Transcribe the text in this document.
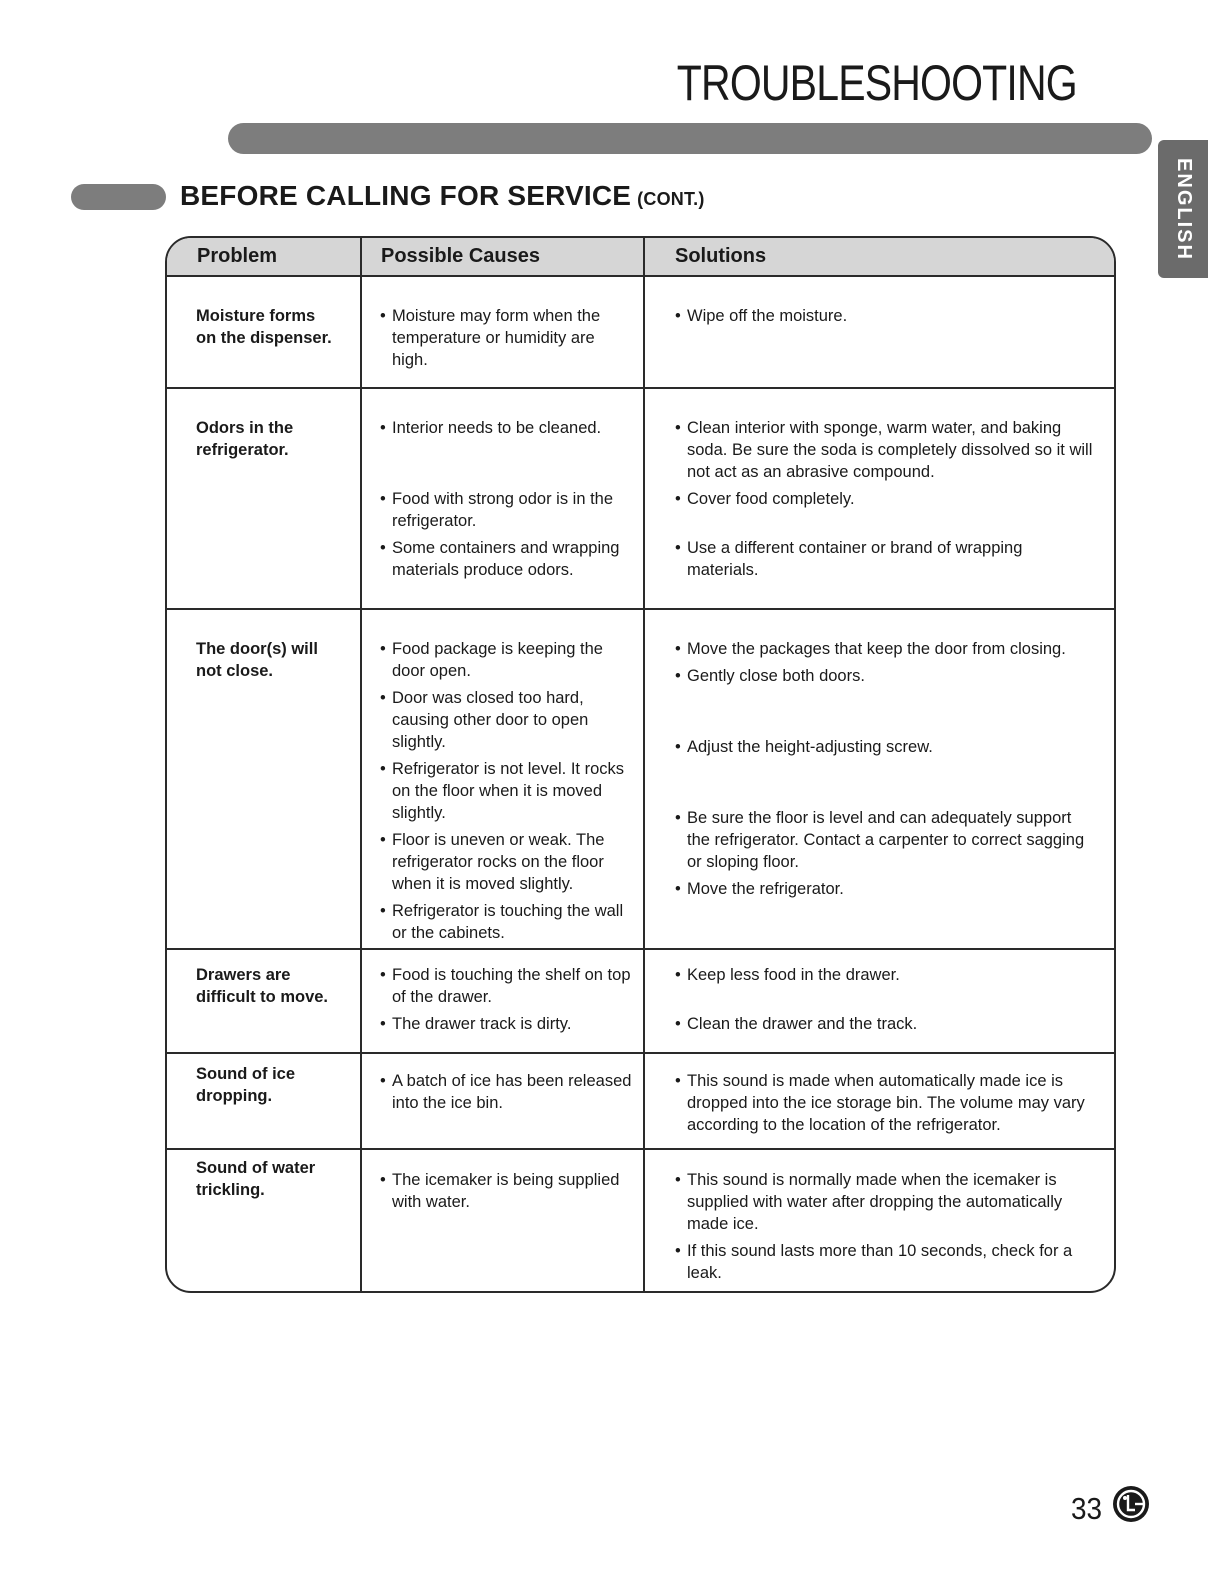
TROUBLESHOOTING
ENGLISH
BEFORE CALLING FOR SERVICE (CONT.)
Problem	Possible Causes	Solutions
Moisture forms
on the dispenser.
• Moisture may form when the temperature or humidity are high.
• Wipe off the moisture.
Odors in the
refrigerator.
• Interior needs to be cleaned.
• Food with strong odor is in the refrigerator.
• Some containers and wrapping materials produce odors.
• Clean interior with sponge, warm water, and baking soda. Be sure the soda is completely dissolved so it will not act as an abrasive compound.
• Cover food completely.
• Use a different container or brand of wrapping materials.
The door(s) will
not close.
• Food package is keeping the door open.
• Door was closed too hard, causing other door to open slightly.
• Refrigerator is not level. It rocks on the floor when it is moved slightly.
• Floor is uneven or weak. The refrigerator rocks on the floor when it is moved slightly.
• Refrigerator is touching the wall or the cabinets.
• Move the packages that keep the door from closing.
• Gently close both doors.
• Adjust the height-adjusting screw.
• Be sure the floor is level and can adequately support the refrigerator. Contact a carpenter to correct sagging or sloping floor.
• Move the refrigerator.
Drawers are
difficult to move.
• Food is touching the shelf on top of the drawer.
• The drawer track is dirty.
• Keep less food in the drawer.
• Clean the drawer and the track.
Sound of ice
dropping.
• A batch of ice has been released into the ice bin.
• This sound is made when automatically made ice is dropped into the ice storage bin. The volume may vary according to the location of the refrigerator.
Sound of water
trickling.
• The icemaker is being supplied with water.
• This sound is normally made when the icemaker is supplied with water after dropping the automatically made ice.
• If this sound lasts more than 10 seconds, check for a leak.
33
